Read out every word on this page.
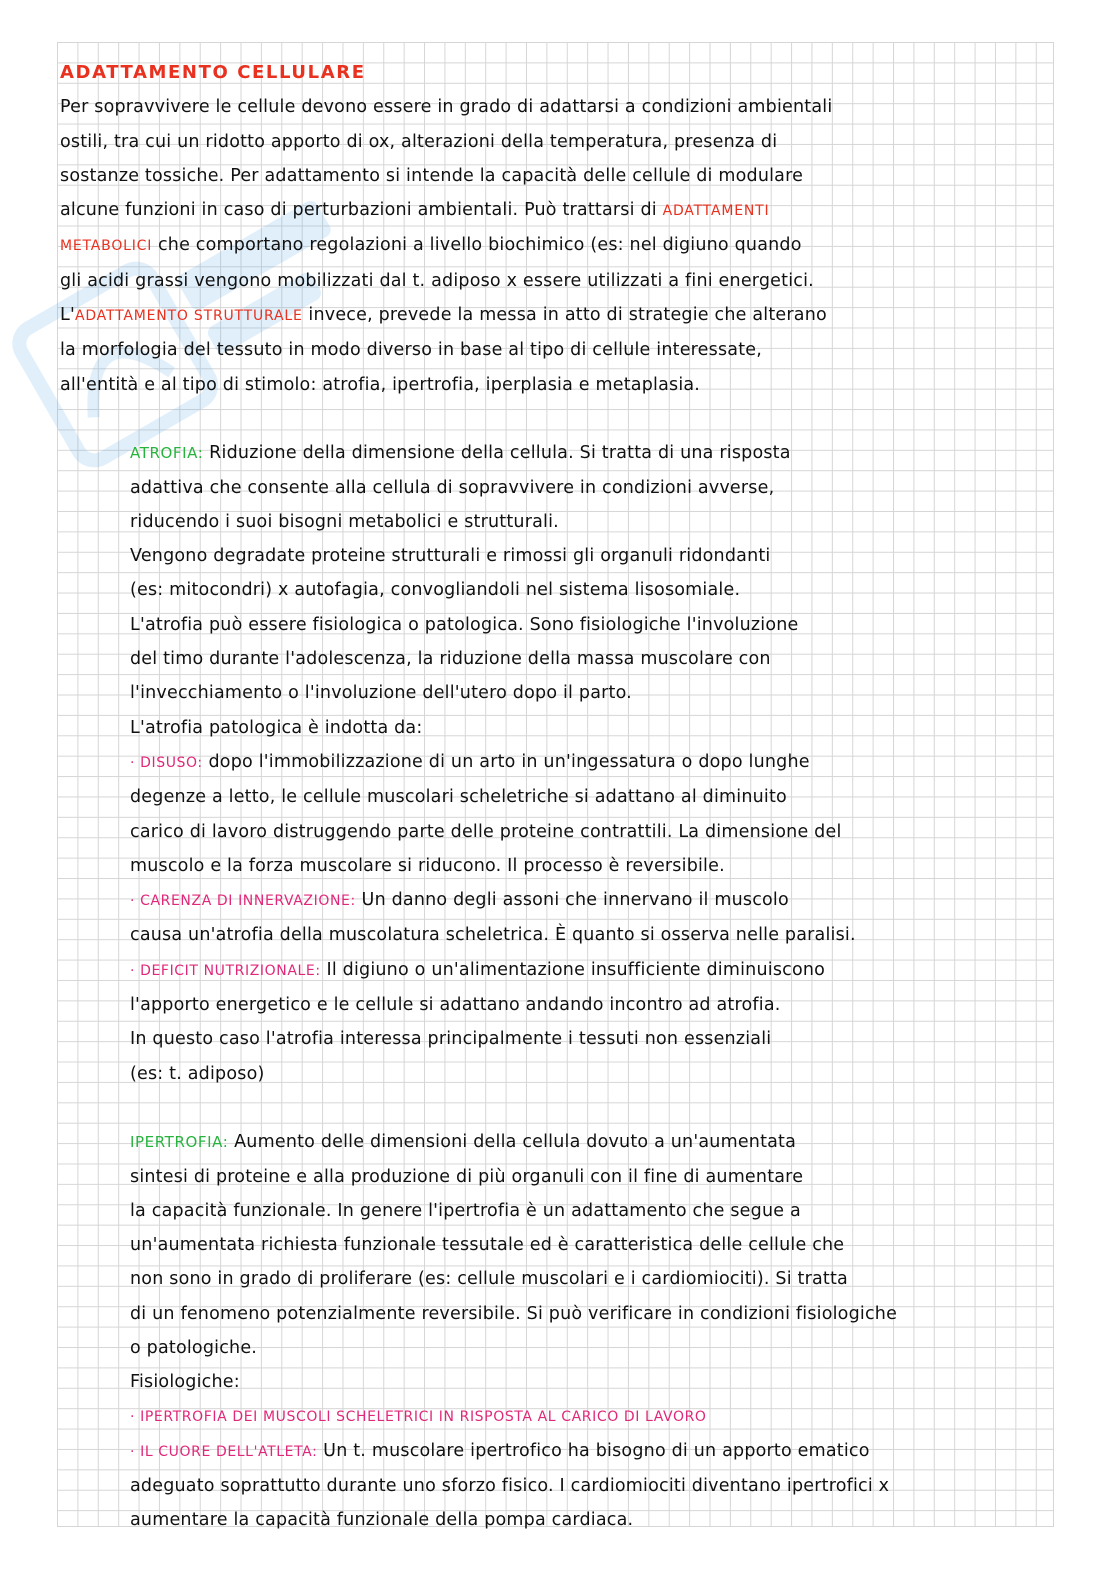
ADATTAMENTO CELLULARE

Per sopravvivere le cellule devono essere in grado di adattarsi a condizioni ambientali

ostili, tra cui un ridotto apporto di ox, alterazioni della temperatura, presenza di

sostanze tossiche. Per adattamento si intende la capacità delle cellule di modulare

alcune funzioni in caso di perturbazioni ambientali. Può trattarsi di ADATTAMENTI

METABOLICI che comportano regolazioni a livello biochimico (es: nel digiuno quando

gli acidi grassi vengono mobilizzati dal t. adiposo x essere utilizzati a fini energetici.

L'ADATTAMENTO STRUTTURALE invece, prevede la messa in atto di strategie che alterano

la morfologia del tessuto in modo diverso in base al tipo di cellule interessate,

all'entità e al tipo di stimolo: atrofia, ipertrofia, iperplasia e metaplasia.

ATROFIA: Riduzione della dimensione della cellula. Si tratta di una risposta

adattiva che consente alla cellula di sopravvivere in condizioni avverse,

riducendo i suoi bisogni metabolici e strutturali.

Vengono degradate proteine strutturali e rimossi gli organuli ridondanti

(es: mitocondri) x autofagia, convogliandoli nel sistema lisosomiale.

L'atrofia può essere fisiologica o patologica. Sono fisiologiche l'involuzione

del timo durante l'adolescenza, la riduzione della massa muscolare con

l'invecchiamento o l'involuzione dell'utero dopo il parto.

L'atrofia patologica è indotta da:

· DISUSO: dopo l'immobilizzazione di un arto in un'ingessatura o dopo lunghe

degenze a letto, le cellule muscolari scheletriche si adattano al diminuito

carico di lavoro distruggendo parte delle proteine contrattili. La dimensione del

muscolo e la forza muscolare si riducono. Il processo è reversibile.

· CARENZA DI INNERVAZIONE: Un danno degli assoni che innervano il muscolo

causa un'atrofia della muscolatura scheletrica. È quanto si osserva nelle paralisi.

· DEFICIT NUTRIZIONALE: Il digiuno o un'alimentazione insufficiente diminuiscono

l'apporto energetico e le cellule si adattano andando incontro ad atrofia.

In questo caso l'atrofia interessa principalmente i tessuti non essenziali

(es: t. adiposo)

IPERTROFIA: Aumento delle dimensioni della cellula dovuto a un'aumentata

sintesi di proteine e alla produzione di più organuli con il fine di aumentare

la capacità funzionale. In genere l'ipertrofia è un adattamento che segue a

un'aumentata richiesta funzionale tessutale ed è caratteristica delle cellule che

non sono in grado di proliferare (es: cellule muscolari e i cardiomiociti). Si tratta

di un fenomeno potenzialmente reversibile. Si può verificare in condizioni fisiologiche

o patologiche.

Fisiologiche:

· IPERTROFIA DEI MUSCOLI SCHELETRICI IN RISPOSTA AL CARICO DI LAVORO

· IL CUORE DELL'ATLETA: Un t. muscolare ipertrofico ha bisogno di un apporto ematico

adeguato soprattutto durante uno sforzo fisico. I cardiomiociti diventano ipertrofici x

aumentare la capacità funzionale della pompa cardiaca.
